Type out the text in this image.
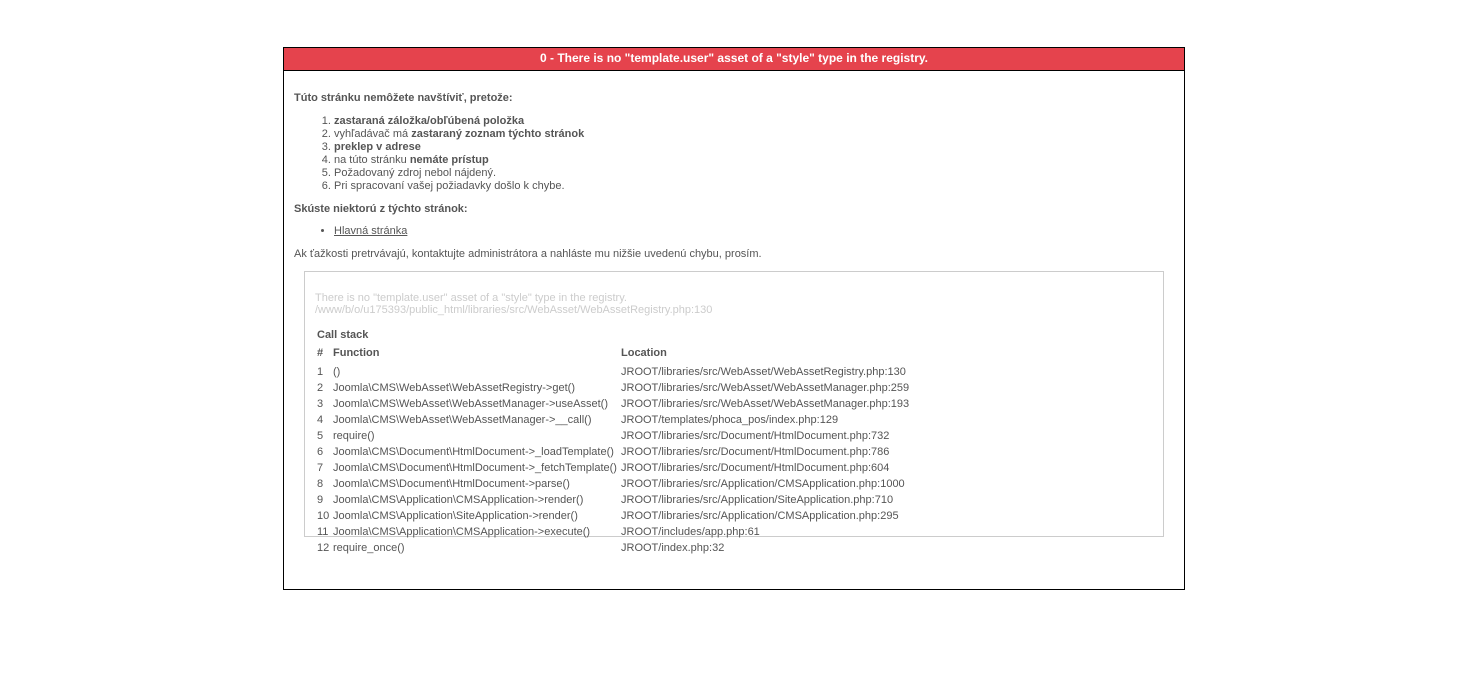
0 - There is no "template.user" asset of a "style" type in the registry.

Túto stránku nemôžete navštíviť, pretože:

1. zastaraná záložka/obľúbená položka
2. vyhľadávač má zastaraný zoznam týchto stránok
3. preklep v adrese
4. na túto stránku nemáte prístup
5. Požadovaný zdroj nebol nájdený.
6. Pri spracovaní vašej požiadavky došlo k chybe.

Skúste niektorú z týchto stránok:

• Hlavná stránka

Ak ťažkosti pretrvávajú, kontaktujte administrátora a nahláste mu nižšie uvedenú chybu, prosím.

There is no "template.user" asset of a "style" type in the registry.
/www/b/o/u175393/public_html/libraries/src/WebAsset/WebAssetRegistry.php:130
Call stack
#	Function	Location
1	()	JROOT/libraries/src/WebAsset/WebAssetRegistry.php:130
2	Joomla\CMS\WebAsset\WebAssetRegistry->get()	JROOT/libraries/src/WebAsset/WebAssetManager.php:259
3	Joomla\CMS\WebAsset\WebAssetManager->useAsset()	JROOT/libraries/src/WebAsset/WebAssetManager.php:193
4	Joomla\CMS\WebAsset\WebAssetManager->__call()	JROOT/templates/phoca_pos/index.php:129
5	require()	JROOT/libraries/src/Document/HtmlDocument.php:732
6	Joomla\CMS\Document\HtmlDocument->_loadTemplate()	JROOT/libraries/src/Document/HtmlDocument.php:786
7	Joomla\CMS\Document\HtmlDocument->_fetchTemplate()	JROOT/libraries/src/Document/HtmlDocument.php:604
8	Joomla\CMS\Document\HtmlDocument->parse()	JROOT/libraries/src/Application/CMSApplication.php:1000
9	Joomla\CMS\Application\CMSApplication->render()	JROOT/libraries/src/Application/SiteApplication.php:710
10	Joomla\CMS\Application\SiteApplication->render()	JROOT/libraries/src/Application/CMSApplication.php:295
11	Joomla\CMS\Application\CMSApplication->execute()	JROOT/includes/app.php:61
12	require_once()	JROOT/index.php:32
